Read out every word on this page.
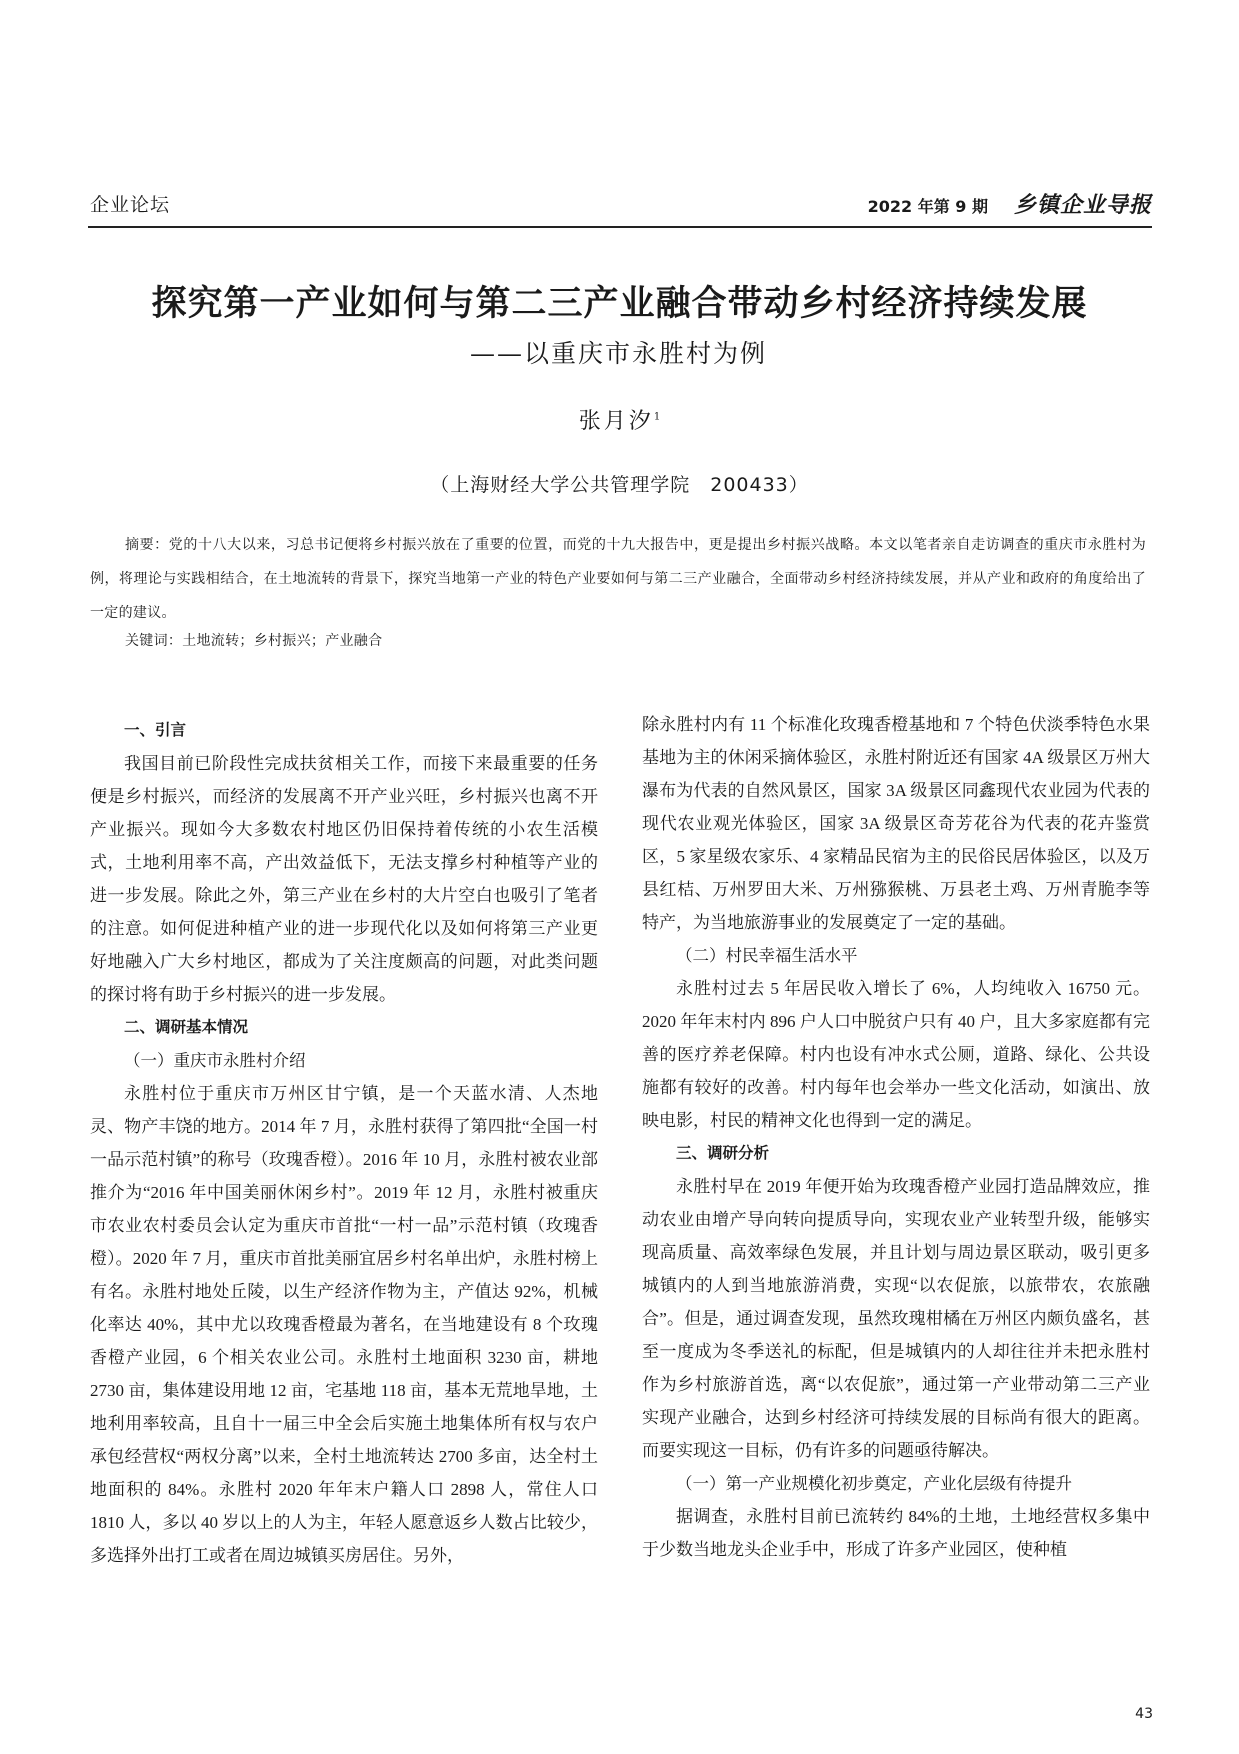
企业论坛	2022 年第 9 期 乡镇企业导报
探究第一产业如何与第二三产业融合带动乡村经济持续发展
——以重庆市永胜村为例
张月汐$^1$
（上海财经大学公共管理学院　200433）
摘要：党的十八大以来，习总书记便将乡村振兴放在了重要的位置，而党的十九大报告中，更是提出乡村振兴战略。本文以笔者亲自走访调查的重庆市永胜村为例，将理论与实践相结合，在土地流转的背景下，探究当地第一产业的特色产业要如何与第二三产业融合，全面带动乡村经济持续发展，并从产业和政府的角度给出了一定的建议。
关键词：土地流转；乡村振兴；产业融合
一、引言

我国目前已阶段性完成扶贫相关工作，而接下来最重要的任务便是乡村振兴，而经济的发展离不开产业兴旺，乡村振兴也离不开产业振兴。现如今大多数农村地区仍旧保持着传统的小农生活模式，土地利用率不高，产出效益低下，无法支撑乡村种植等产业的进一步发展。除此之外，第三产业在乡村的大片空白也吸引了笔者的注意。如何促进种植产业的进一步现代化以及如何将第三产业更好地融入广大乡村地区，都成为了关注度颇高的问题，对此类问题的探讨将有助于乡村振兴的进一步发展。

二、调研基本情况
（一）重庆市永胜村介绍

永胜村位于重庆市万州区甘宁镇，是一个天蓝水清、人杰地灵、物产丰饶的地方。2014 年 7 月，永胜村获得了第四批“全国一村一品示范村镇”的称号（玫瑰香橙）。2016 年 10 月，永胜村被农业部推介为“2016 年中国美丽休闲乡村”。2019 年 12 月，永胜村被重庆市农业农村委员会认定为重庆市首批“一村一品”示范村镇（玫瑰香橙）。2020 年 7 月，重庆市首批美丽宜居乡村名单出炉，永胜村榜上有名。永胜村地处丘陵，以生产经济作物为主，产值达 92%，机械化率达 40%，其中尤以玫瑰香橙最为著名，在当地建设有 8 个玫瑰香橙产业园，6 个相关农业公司。永胜村土地面积 3230 亩，耕地 2730 亩，集体建设用地 12 亩，宅基地 118 亩，基本无荒地旱地，土地利用率较高，且自十一届三中全会后实施土地集体所有权与农户承包经营权“两权分离”以来，全村土地流转达 2700 多亩，达全村土地面积的 84%。永胜村 2020 年年末户籍人口 2898 人，常住人口 1810 人，多以 40 岁以上的人为主，年轻人愿意返乡人数占比较少，多选择外出打工或者在周边城镇买房居住。另外，

除永胜村内有 11 个标准化玫瑰香橙基地和 7 个特色伏淡季特色水果基地为主的休闲采摘体验区，永胜村附近还有国家 4A 级景区万州大瀑布为代表的自然风景区，国家 3A 级景区同鑫现代农业园为代表的现代农业观光体验区，国家 3A 级景区奇芳花谷为代表的花卉鉴赏区，5 家星级农家乐、4 家精品民宿为主的民俗民居体验区，以及万县红桔、万州罗田大米、万州猕猴桃、万县老土鸡、万州青脆李等特产，为当地旅游事业的发展奠定了一定的基础。

（二）村民幸福生活水平

永胜村过去 5 年居民收入增长了 6%，人均纯收入 16750 元。2020 年年末村内 896 户人口中脱贫户只有 40 户，且大多家庭都有完善的医疗养老保障。村内也设有冲水式公厕，道路、绿化、公共设施都有较好的改善。村内每年也会举办一些文化活动，如演出、放映电影，村民的精神文化也得到一定的满足。

三、调研分析

永胜村早在 2019 年便开始为玫瑰香橙产业园打造品牌效应，推动农业由增产导向转向提质导向，实现农业产业转型升级，能够实现高质量、高效率绿色发展，并且计划与周边景区联动，吸引更多城镇内的人到当地旅游消费，实现“以农促旅，以旅带农，农旅融合”。但是，通过调查发现，虽然玫瑰柑橘在万州区内颇负盛名，甚至一度成为冬季送礼的标配，但是城镇内的人却往往并未把永胜村作为乡村旅游首选，离“以农促旅”，通过第一产业带动第二三产业实现产业融合，达到乡村经济可持续发展的目标尚有很大的距离。而要实现这一目标，仍有许多的问题亟待解决。

（一）第一产业规模化初步奠定，产业化层级有待提升

据调查，永胜村目前已流转约 84%的土地，土地经营权多集中于少数当地龙头企业手中，形成了许多产业园区，使种植

43
